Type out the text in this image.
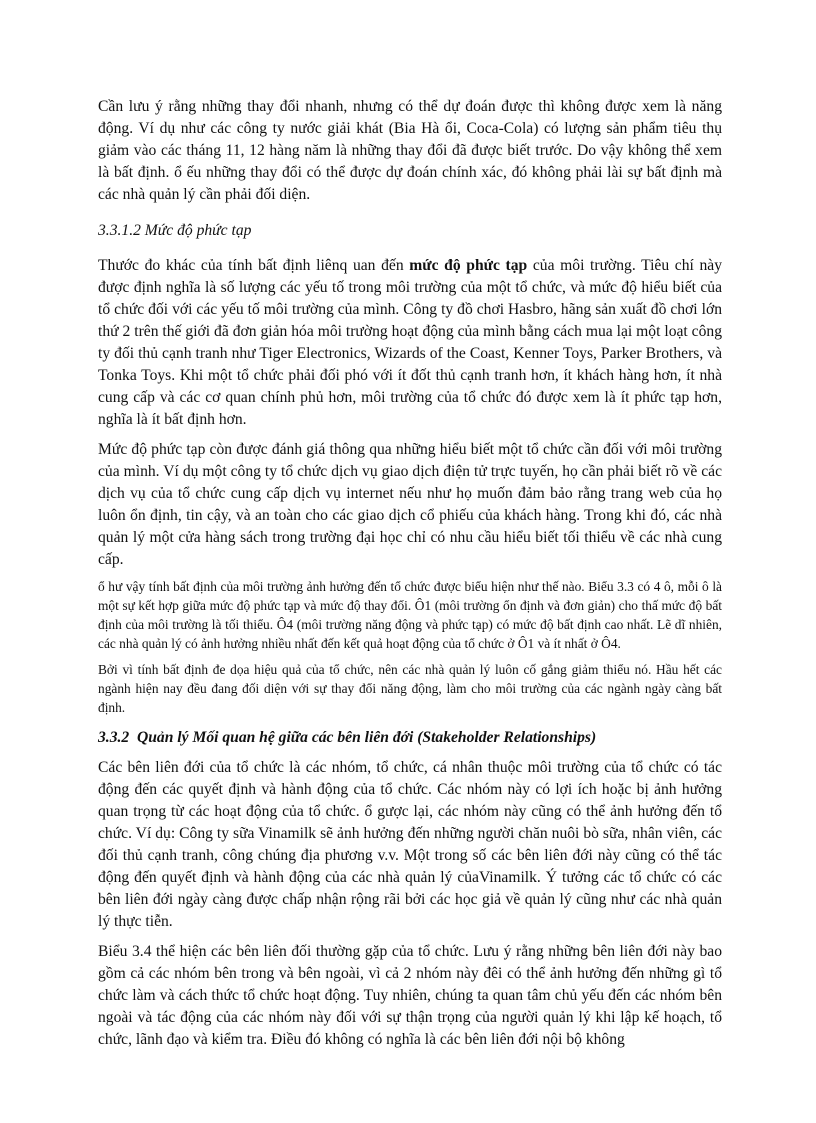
Cần lưu ý rằng những thay đổi nhanh, nhưng có thể dự đoán được thì không được xem là năng động. Ví dụ như các công ty nước giải khát (Bia Hà ổi, Coca-Cola) có lượng sản phẩm tiêu thụ giảm vào các tháng 11, 12 hàng năm là những thay đổi đã được biết trước. Do vậy không thể xem là bất định. ổ ếu những thay đổi có thể được dự đoán chính xác, đó không phải lài sự bất định mà các nhà quản lý cần phải đối diện.

3.3.1.2 Mức độ phức tạp

Thước đo khác của tính bất định liênq uan đến mức độ phức tạp của môi trường. Tiêu chí này được định nghĩa là số lượng các yếu tố trong môi trường của một tổ chức, và mức độ hiểu biết của tổ chức đối với các yếu tố môi trường của mình. Công ty đồ chơi Hasbro, hãng sản xuất đồ chơi lớn thứ 2 trên thế giới đã đơn giản hóa môi trường hoạt động của mình bằng cách mua lại một loạt công ty đối thủ cạnh tranh như Tiger Electronics, Wizards of the Coast, Kenner Toys, Parker Brothers, và Tonka Toys. Khi một tổ chức phải đối phó với ít đốt thủ cạnh tranh hơn, ít khách hàng hơn, ít nhà cung cấp và các cơ quan chính phủ hơn, môi trường của tổ chức đó được xem là ít phức tạp hơn, nghĩa là ít bất định hơn.

Mức độ phức tạp còn được đánh giá thông qua những hiểu biết một tổ chức cần đối với môi trường của mình. Ví dụ một công ty tổ chức dịch vụ giao dịch điện tử trực tuyến, họ cần phải biết rõ về các dịch vụ của tổ chức cung cấp dịch vụ internet nếu như họ muốn đảm bảo rằng trang web của họ luôn ổn định, tin cậy, và an toàn cho các giao dịch cổ phiếu của khách hàng. Trong khi đó, các nhà quản lý một cửa hàng sách trong trường đại học chỉ có nhu cầu hiểu biết tối thiểu về các nhà cung cấp.

ổ hư vậy tính bất định của môi trường ảnh hưởng đến tổ chức được biểu hiện như thế nào. Biểu 3.3 có 4 ô, mỗi ô là một sự kết hợp giữa mức độ phức tạp và mức độ thay đổi. Ô1 (môi trường ổn định và đơn giản) cho thấ mức độ bất định của môi trường là tối thiểu. Ô4 (môi trường năng động và phức tạp) có mức độ bất định cao nhất. Lẽ dĩ nhiên, các nhà quản lý có ảnh hưởng nhiều nhất đến kết quả hoạt động của tổ chức ở Ô1 và ít nhất ở Ô4.

Bởi vì tính bất định đe dọa hiệu quả của tổ chức, nên các nhà quản lý luôn cố gắng giảm thiểu nó. Hầu hết các ngành hiện nay đều đang đối diện với sự thay đổi năng động, làm cho môi trường của các ngành ngày càng bất định.

3.3.2 Quản lý Mối quan hệ giữa các bên liên đới (Stakeholder Relationships)

Các bên liên đới của tổ chức là các nhóm, tổ chức, cá nhân thuộc môi trường của tổ chức có tác động đến các quyết định và hành động của tổ chức. Các nhóm này có lợi ích hoặc bị ảnh hưởng quan trọng từ các hoạt động của tổ chức. ổ gược lại, các nhóm này cũng có thể ảnh hưởng đến tổ chức. Ví dụ: Công ty sữa Vinamilk sẽ ảnh hưởng đến những người chăn nuôi bò sữa, nhân viên, các đối thủ cạnh tranh, công chúng địa phương v.v. Một trong số các bên liên đới này cũng có thể tác động đến quyết định và hành động của các nhà quản lý củaVinamilk. Ý tưởng các tổ chức có các bên liên đới ngày càng được chấp nhận rộng rãi bởi các học giả về quản lý cũng như các nhà quản lý thực tiễn.

Biểu 3.4 thể hiện các bên liên đối thường gặp của tổ chức. Lưu ý rằng những bên liên đới này bao gồm cả các nhóm bên trong và bên ngoài, vì cả 2 nhóm này đêi có thể ảnh hưởng đến những gì tổ chức làm và cách thức tổ chức hoạt động. Tuy nhiên, chúng ta quan tâm chủ yếu đến các nhóm bên ngoài và tác động của các nhóm này đối với sự thận trọng của người quản lý khi lập kế hoạch, tổ chức, lãnh đạo và kiểm tra. Điều đó không có nghĩa là các bên liên đới nội bộ không
